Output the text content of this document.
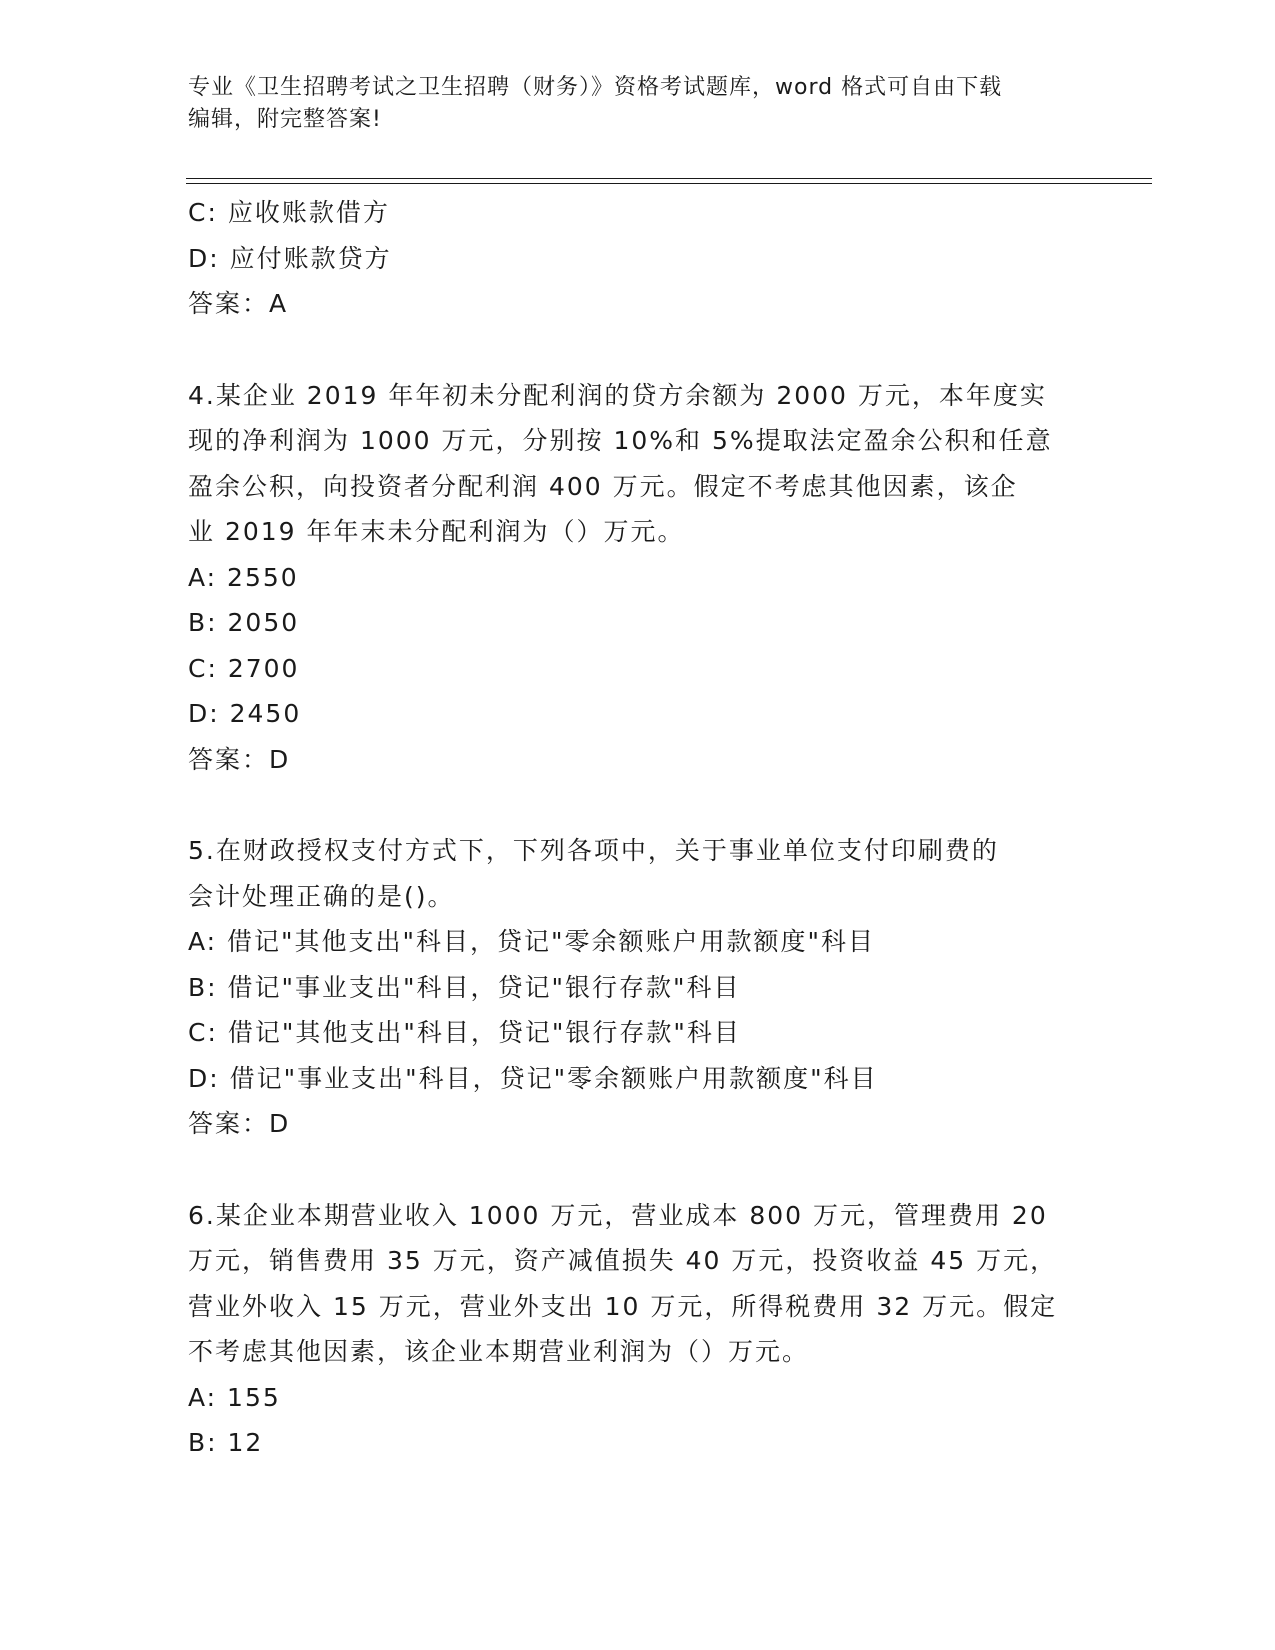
专业《卫生招聘考试之卫生招聘（财务）》资格考试题库，word 格式可自由下载
编辑，附完整答案!
C: 应收账款借方
D: 应付账款贷方
答案：A
4.某企业 2019 年年初未分配利润的贷方余额为 2000 万元，本年度实
现的净利润为 1000 万元，分别按 10%和 5%提取法定盈余公积和任意
盈余公积，向投资者分配利润 400 万元。假定不考虑其他因素，该企
业 2019 年年末未分配利润为（）万元。
A: 2550
B: 2050
C: 2700
D: 2450
答案：D
5.在财政授权支付方式下，下列各项中，关于事业单位支付印刷费的
会计处理正确的是()。
A: 借记"其他支出"科目，贷记"零余额账户用款额度"科目
B: 借记"事业支出"科目，贷记"银行存款"科目
C: 借记"其他支出"科目，贷记"银行存款"科目
D: 借记"事业支出"科目，贷记"零余额账户用款额度"科目
答案：D
6.某企业本期营业收入 1000 万元，营业成本 800 万元，管理费用 20
万元，销售费用 35 万元，资产减值损失 40 万元，投资收益 45 万元，
营业外收入 15 万元，营业外支出 10 万元，所得税费用 32 万元。假定
不考虑其他因素，该企业本期营业利润为（）万元。
A: 155
B: 12
